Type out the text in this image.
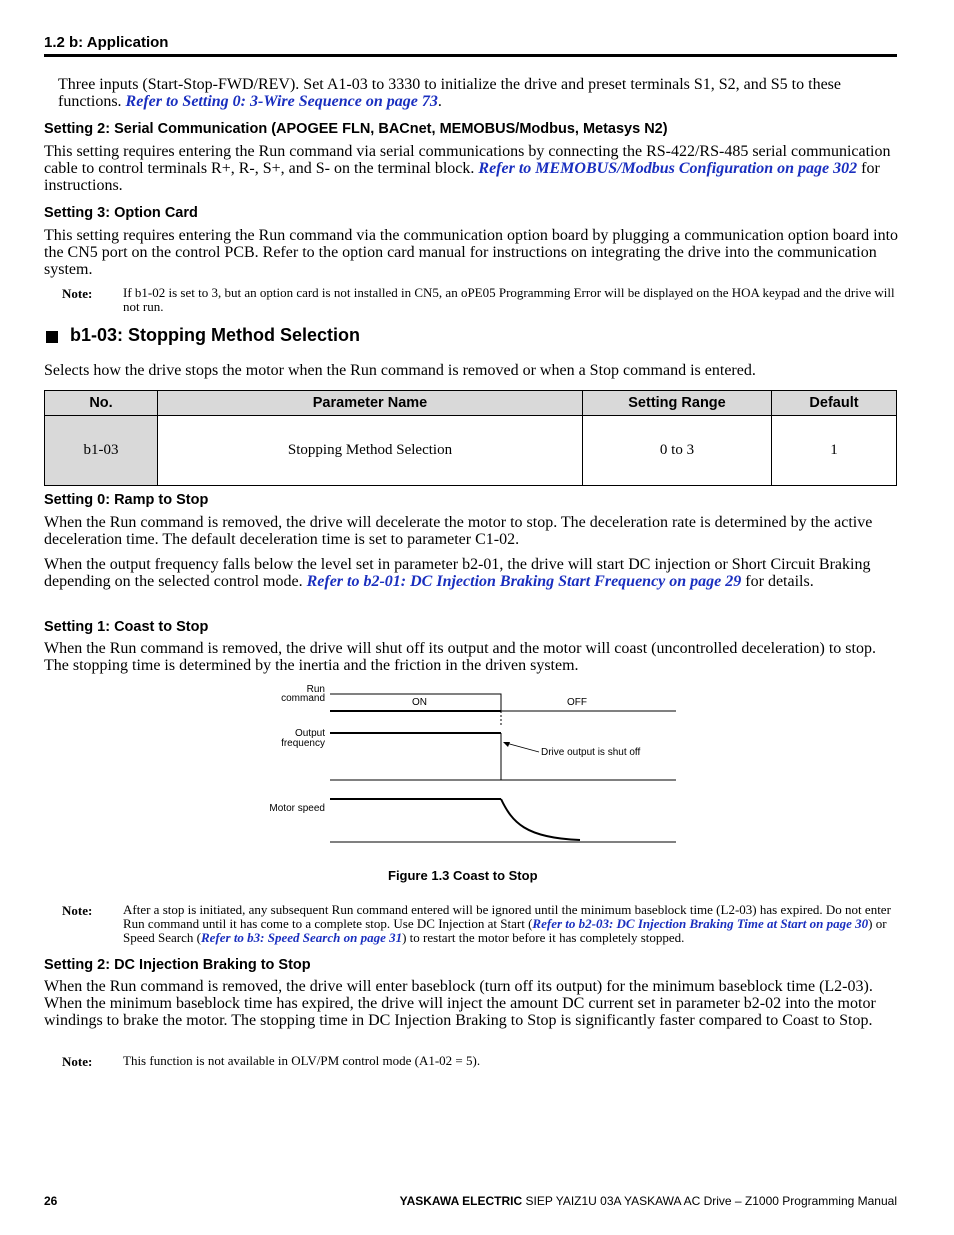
1.2 b: Application
Three inputs (Start-Stop-FWD/REV). Set A1-03 to 3330 to initialize the drive and preset terminals S1, S2, and S5 to these functions. Refer to Setting 0: 3-Wire Sequence on page 73.
Setting 2: Serial Communication (APOGEE FLN, BACnet, MEMOBUS/Modbus, Metasys N2)
This setting requires entering the Run command via serial communications by connecting the RS-422/RS-485 serial communication cable to control terminals R+, R-, S+, and S- on the terminal block. Refer to MEMOBUS/Modbus Configuration on page 302 for instructions.
Setting 3: Option Card
This setting requires entering the Run command via the communication option board by plugging a communication option board into the CN5 port on the control PCB. Refer to the option card manual for instructions on integrating the drive into the communication system.
Note: If b1-02 is set to 3, but an option card is not installed in CN5, an oPE05 Programming Error will be displayed on the HOA keypad and the drive will not run.
b1-03: Stopping Method Selection
Selects how the drive stops the motor when the Run command is removed or when a Stop command is entered.
No.	Parameter Name	Setting Range	Default
b1-03	Stopping Method Selection	0 to 3	1
Setting 0: Ramp to Stop
When the Run command is removed, the drive will decelerate the motor to stop. The deceleration rate is determined by the active deceleration time. The default deceleration time is set to parameter C1-02.
When the output frequency falls below the level set in parameter b2-01, the drive will start DC injection or Short Circuit Braking depending on the selected control mode. Refer to b2-01: DC Injection Braking Start Frequency on page 29 for details.
Setting 1: Coast to Stop
When the Run command is removed, the drive will shut off its output and the motor will coast (uncontrolled deceleration) to stop. The stopping time is determined by the inertia and the friction in the driven system.
Run
command
Output
frequency
Motor speed
ON	OFF
Drive output is shut off
Figure 1.3 Coast to Stop
Note: After a stop is initiated, any subsequent Run command entered will be ignored until the minimum baseblock time (L2-03) has expired. Do not enter Run command until it has come to a complete stop. Use DC Injection at Start (Refer to b2-03: DC Injection Braking Time at Start on page 30) or Speed Search (Refer to b3: Speed Search on page 31) to restart the motor before it has completely stopped.
Setting 2: DC Injection Braking to Stop
When the Run command is removed, the drive will enter baseblock (turn off its output) for the minimum baseblock time (L2-03). When the minimum baseblock time has expired, the drive will inject the amount DC current set in parameter b2-02 into the motor windings to brake the motor. The stopping time in DC Injection Braking to Stop is significantly faster compared to Coast to Stop.
Note: This function is not available in OLV/PM control mode (A1-02 = 5).
26	YASKAWA ELECTRIC SIEP YAIZ1U 03A YASKAWA AC Drive – Z1000 Programming Manual
